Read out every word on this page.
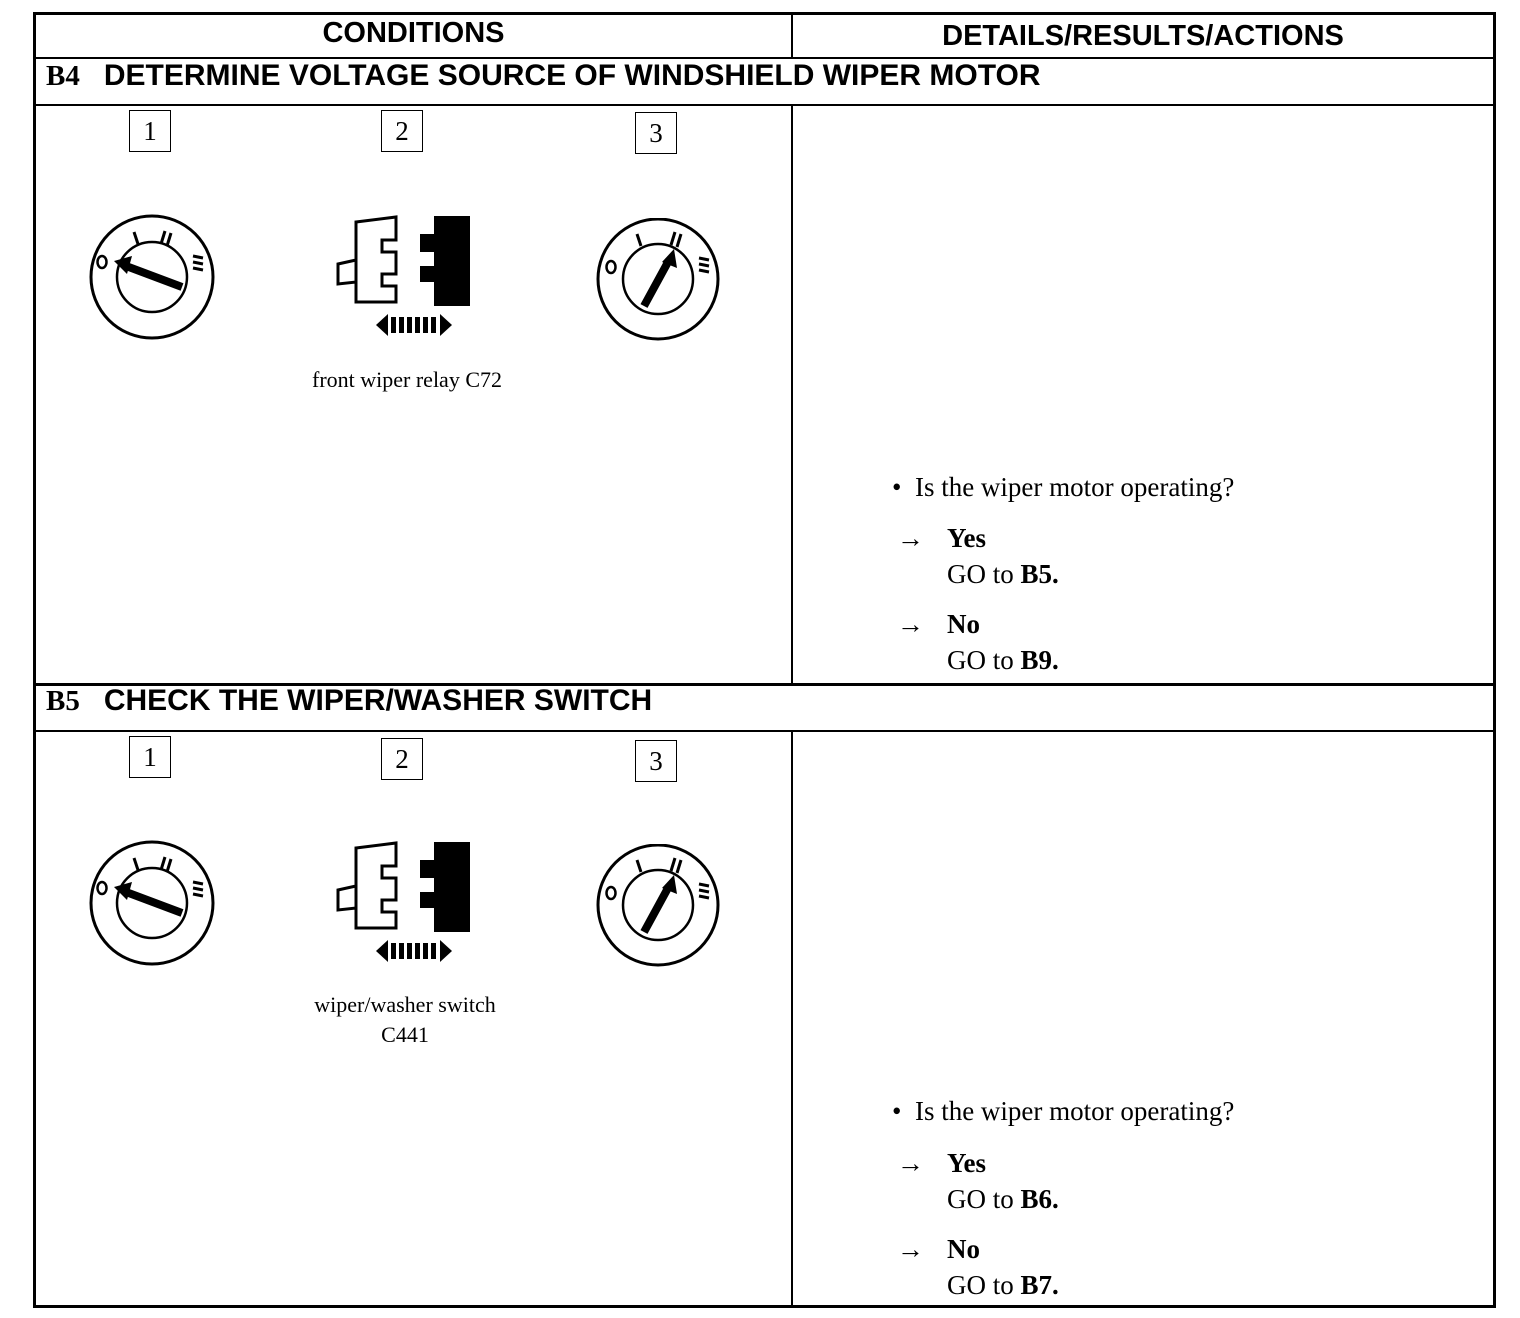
CONDITIONS	DETAILS/RESULTS/ACTIONS
B4 DETERMINE VOLTAGE SOURCE OF WINDSHIELD WIPER MOTOR
1	2	3
front wiper relay C72
• Is the wiper motor operating?
→ Yes
GO to B5.
→ No
GO to B9.
B5 CHECK THE WIPER/WASHER SWITCH
1	2	3
wiper/washer switch
C441
• Is the wiper motor operating?
→ Yes
GO to B6.
→ No
GO to B7.
